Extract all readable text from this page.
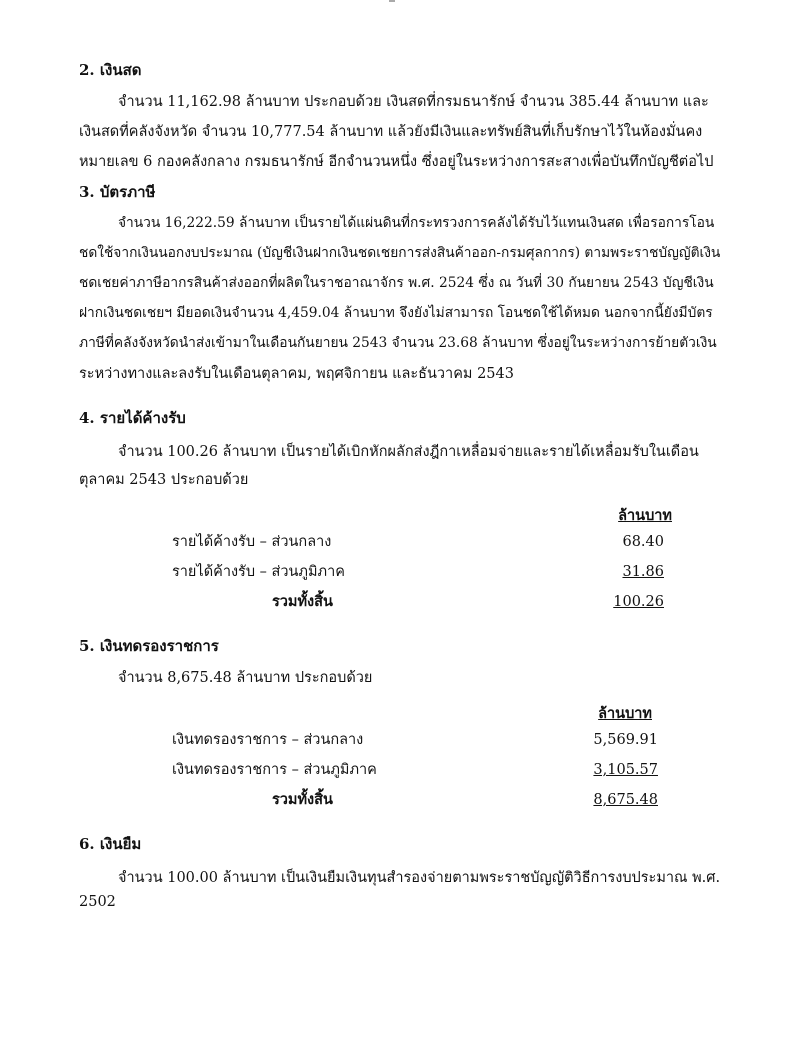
2. เงินสด
จำนวน 11,162.98 ล้านบาท ประกอบด้วย เงินสดที่กรมธนารักษ์ จำนวน 385.44 ล้านบาท และ
เงินสดที่คลังจังหวัด จำนวน 10,777.54 ล้านบาท แล้วยังมีเงินและทรัพย์สินที่เก็บรักษาไว้ในห้องมั่นคง
หมายเลข 6 กองคลังกลาง กรมธนารักษ์ อีกจำนวนหนึ่ง ซึ่งอยู่ในระหว่างการสะสางเพื่อบันทึกบัญชีต่อไป
3. บัตรภาษี
จำนวน 16,222.59 ล้านบาท เป็นรายได้แผ่นดินที่กระทรวงการคลังได้รับไว้แทนเงินสด เพื่อรอการโอน
ชดใช้จากเงินนอกงบประมาณ (บัญชีเงินฝากเงินชดเชยการส่งสินค้าออก-กรมศุลกากร) ตามพระราชบัญญัติเงิน
ชดเชยค่าภาษีอากรสินค้าส่งออกที่ผลิตในราชอาณาจักร พ.ศ. 2524 ซึ่ง ณ วันที่ 30 กันยายน 2543 บัญชีเงิน
ฝากเงินชดเชยฯ มียอดเงินจำนวน 4,459.04 ล้านบาท จึงยังไม่สามารถ โอนชดใช้ได้หมด นอกจากนี้ยังมีบัตร
ภาษีที่คลังจังหวัดนำส่งเข้ามาในเดือนกันยายน 2543 จำนวน 23.68 ล้านบาท ซึ่งอยู่ในระหว่างการย้ายตัวเงิน
ระหว่างทางและลงรับในเดือนตุลาคม, พฤศจิกายน และธันวาคม 2543
4. รายได้ค้างรับ
จำนวน 100.26 ล้านบาท เป็นรายได้เบิกหักผลักส่งฎีกาเหลื่อมจ่ายและรายได้เหลื่อมรับในเดือน
ตุลาคม 2543 ประกอบด้วย
ล้านบาท
รายได้ค้างรับ – ส่วนกลาง	68.40
รายได้ค้างรับ – ส่วนภูมิภาค	31.86
รวมทั้งสิ้น	100.26
5. เงินทดรองราชการ
จำนวน 8,675.48 ล้านบาท ประกอบด้วย
ล้านบาท
เงินทดรองราชการ – ส่วนกลาง	5,569.91
เงินทดรองราชการ – ส่วนภูมิภาค	3,105.57
รวมทั้งสิ้น	8,675.48
6. เงินยืม
จำนวน 100.00 ล้านบาท เป็นเงินยืมเงินทุนสำรองจ่ายตามพระราชบัญญัติวิธีการงบประมาณ พ.ศ.
2502
